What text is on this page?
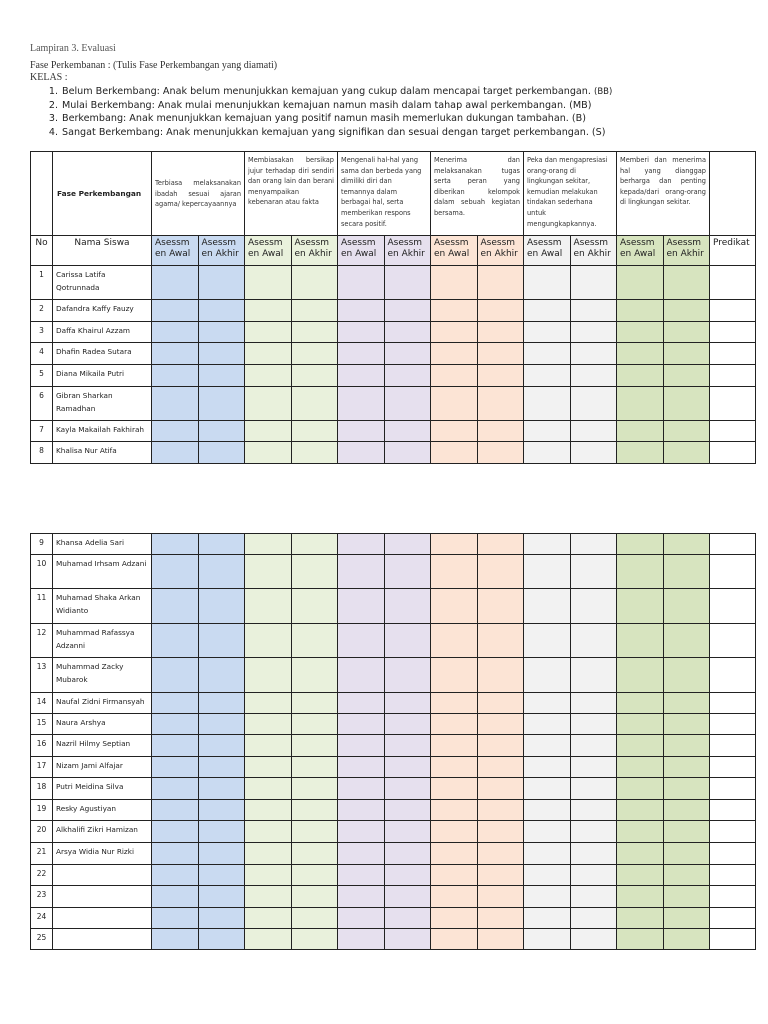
Lampiran 3. Evaluasi
Fase Perkembanan : (Tulis Fase Perkembangan yang diamati)
KELAS :
1. Belum Berkembang: Anak belum menunjukkan kemajuan yang cukup dalam mencapai target perkembangan. (BB)
2. Mulai Berkembang: Anak mulai menunjukkan kemajuan namun masih dalam tahap awal perkembangan. (MB)
3. Berkembang: Anak menunjukkan kemajuan yang positif namun masih memerlukan dukungan tambahan. (B)
4. Sangat Berkembang: Anak menunjukkan kemajuan yang signifikan dan sesuai dengan target perkembangan. (S)
	Fase Perkembangan	Terbiasa melaksanakan ibadah sesuai ajaran agama/ kepercayaannya		Membiasakan bersikap jujur terhadap diri sendiri dan orang lain dan berani menyampaikan kebenaran atau fakta		Mengenali hal-hal yang sama dan berbeda yang dimiliki diri dan temannya dalam berbagai hal, serta memberikan respons secara positif.		Menerima dan melaksanakan tugas serta peran yang diberikan kelompok dalam sebuah kegiatan bersama.		Peka dan mengapresiasi orang-orang di lingkungan sekitar, kemudian melakukan tindakan sederhana untuk mengungkapkannya.		Memberi dan menerima hal yang dianggap berharga dan penting kepada/dari orang-orang di lingkungan sekitar.		

No	Nama Siswa	Asessm en Awal	Asessm en Akhir	Asessm en Awal	Asessm en Akhir	Asessm en Awal	Asessm en Akhir	Asessm en Awal	Asessm en Akhir	Asessm en Awal	Asessm en Akhir	Asessm en Awal	Asessm en Akhir	Predikat

1	Carissa Latifa Qotrunnada													
2	Dafandra Kaffy Fauzy													
3	Daffa Khairul Azzam													
4	Dhafin Radea Sutara													
5	Diana Mikaila Putri													
6	Gibran Sharkan Ramadhan													
7	Kayla Makailah Fakhirah													
8	Khalisa Nur Atifa													
9	Khansa Adelia Sari													
10	Muhamad Irhsam Adzani													
11	Muhamad Shaka Arkan Widianto													
12	Muhammad Rafassya Adzanni													
13	Muhammad Zacky Mubarok													
14	Naufal Zidni Firmansyah													
15	Naura Arshya													
16	Nazril Hilmy Septian													
17	Nizam Jami Alfajar													
18	Putri Meidina Silva													
19	Resky Agustiyan													
20	Alkhalifi Zikri Hamizan													
21	Arsya Widia Nur Rizki													
22														
23														
24														
25														
